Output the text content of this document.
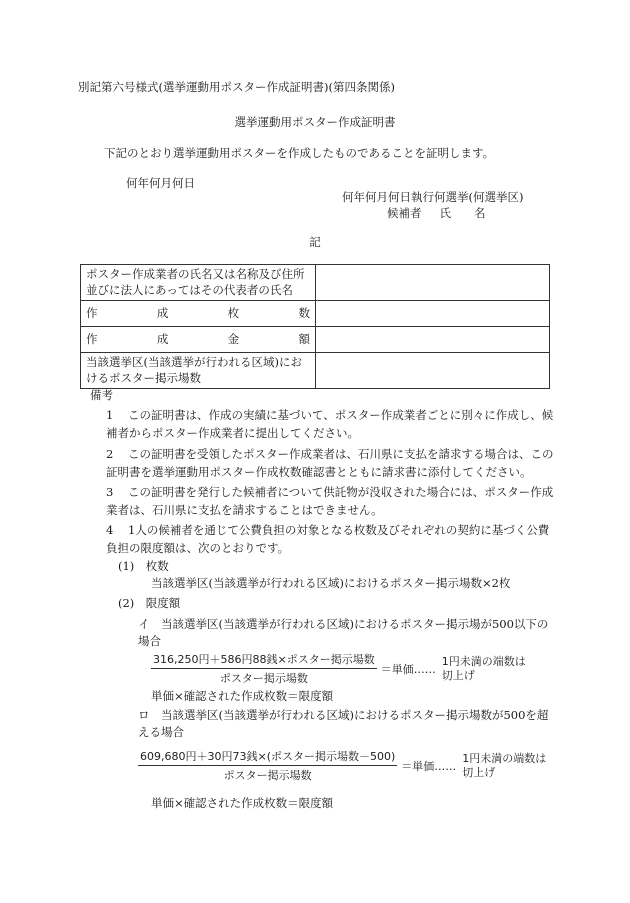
別記第六号様式(選挙運動用ポスター作成証明書)(第四条関係)
選挙運動用ポスター作成証明書
下記のとおり選挙運動用ポスターを作成したものであることを証明します。
何年何月何日
何年何月何日執行何選挙(何選挙区)
候補者 氏　　名
記
ポスター作成業者の氏名又は名称及び住所並びに法人にあってはその代表者の氏名	
作成枚数	
作成金額	
当該選挙区(当該選挙が行われる区域)におけるポスター掲示場数	
備考
1 この証明書は、作成の実績に基づいて、ポスター作成業者ごとに別々に作成し、候補者からポスター作成業者に提出してください。
2 この証明書を受領したポスター作成業者は、石川県に支払を請求する場合は、この証明書を選挙運動用ポスター作成枚数確認書とともに請求書に添付してください。
3 この証明書を発行した候補者について供託物が没収された場合には、ポスター作成業者は、石川県に支払を請求することはできません。
4 1人の候補者を通じて公費負担の対象となる枚数及びそれぞれの契約に基づく公費負担の限度額は、次のとおりです。
(1)　枚数
当該選挙区(当該選挙が行われる区域)におけるポスター掲示場数×2枚
(2)　限度額
イ　当該選挙区(当該選挙が行われる区域)におけるポスター掲示場が500以下の場合
$\frac{\text{316,250円＋586円88銭×ポスター掲示場数}}{\text{ポスター掲示場数}}$ ＝単価……1円未満の端数は切上げ
単価×確認された作成枚数＝限度額
ロ　当該選挙区(当該選挙が行われる区域)におけるポスター掲示場数が500を超える場合
$\frac{\text{609,680円＋30円73銭×(ポスター掲示場数－500)}}{\text{ポスター掲示場数}}$ ＝単価……1円未満の端数は切上げ
単価×確認された作成枚数＝限度額
